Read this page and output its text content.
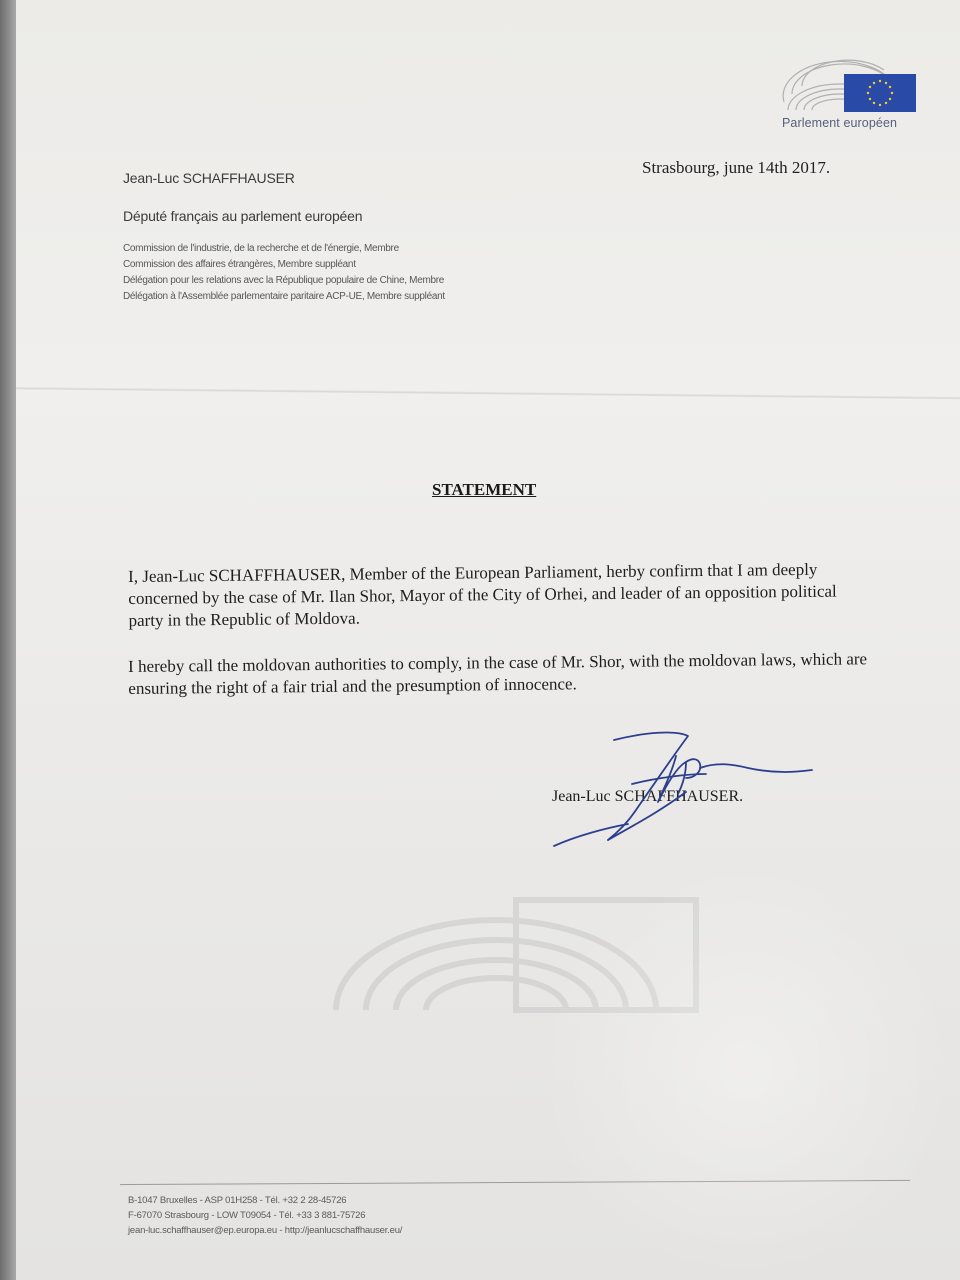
Parlement européen
Jean-Luc SCHAFFHAUSER
Député français au parlement européen
Commission de l'industrie, de la recherche et de l'énergie, Membre
Commission des affaires étrangères, Membre suppléant
Délégation pour les relations avec la République populaire de Chine, Membre
Délégation à l'Assemblée parlementaire paritaire ACP-UE, Membre suppléant
Strasbourg, june 14th 2017.
STATEMENT
I, Jean-Luc SCHAFFHAUSER, Member of the European Parliament, herby confirm that I am deeply concerned by the case of Mr. Ilan Shor, Mayor of the City of Orhei, and leader of an opposition political party in the Republic of Moldova.
I hereby call the moldovan authorities to comply, in the case of Mr. Shor, with the moldovan laws, which are ensuring the right of a fair trial and the presumption of innocence.
Jean-Luc SCHAFFHAUSER.
B-1047 Bruxelles - ASP 01H258 - Tél. +32 2 28-45726
F-67070 Strasbourg - LOW T09054 - Tél. +33 3 881-75726
jean-luc.schaffhauser@ep.europa.eu - http://jeanlucschaffhauser.eu/
